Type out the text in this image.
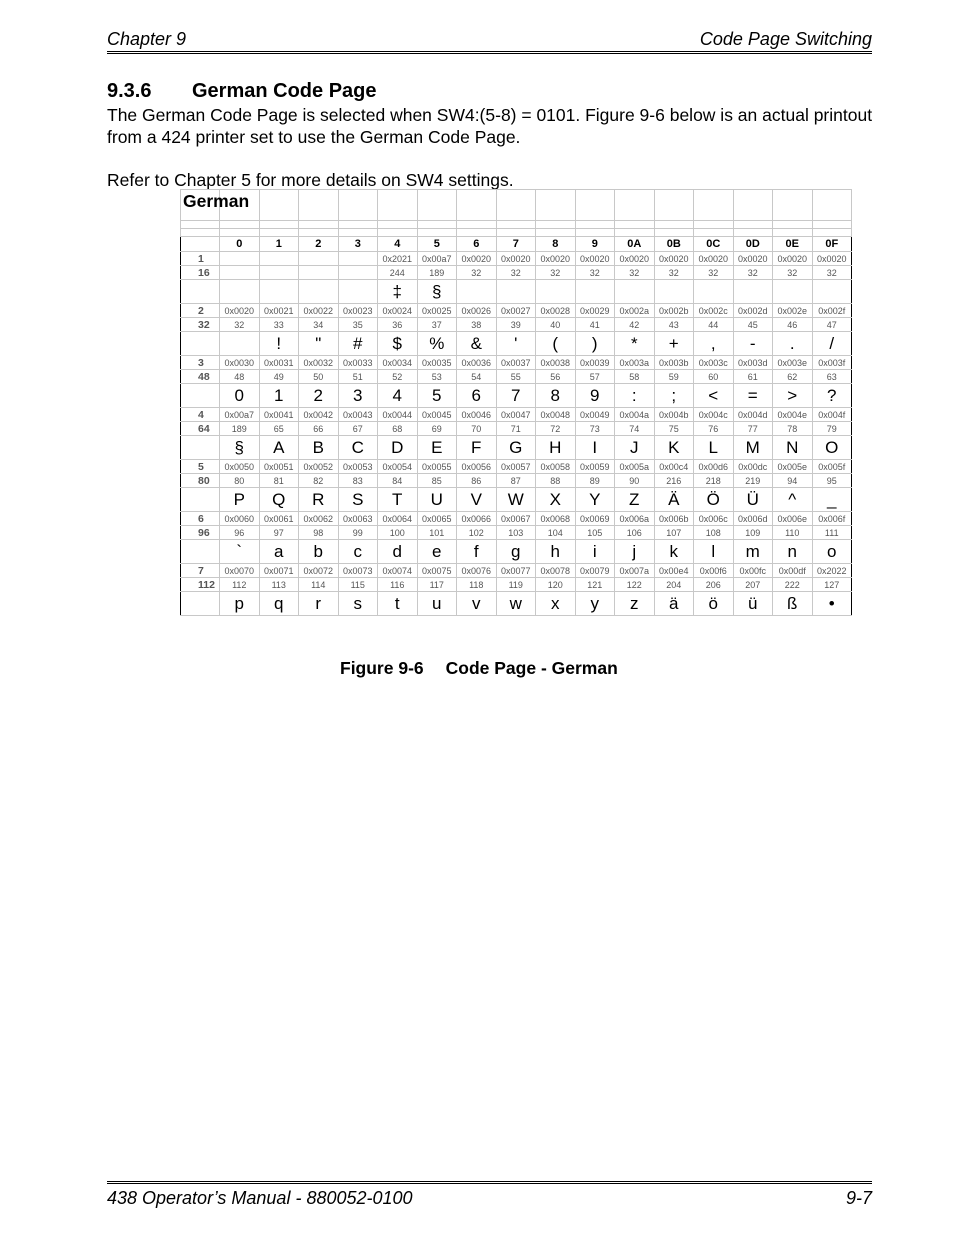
Chapter 9	Code Page Switching
9.3.6 German Code Page
The German Code Page is selected when SW4:(5-8) = 0101. Figure 9-6 below is an actual printout from a 424 printer set to use the German Code Page.
Refer to Chapter 5 for more details on SW4 settings.

	0	1	2	3	4	5	6	7	8	9	0A	0B	0C	0D	0E	0F

1					0x2021	0x00a7	0x0020	0x0020	0x0020	0x0020	0x0020	0x0020	0x0020	0x0020	0x0020	0x0020

16					244	189	32	32	32	32	32	32	32	32	32	32
					‡	§										

2	0x0020	0x0021	0x0022	0x0023	0x0024	0x0025	0x0026	0x0027	0x0028	0x0029	0x002a	0x002b	0x002c	0x002d	0x002e	0x002f

32	32	33	34	35	36	37	38	39	40	41	42	43	44	45	46	47
		!	"	#	$	%	&	'	(	)	*	+	,	-	.	/

3	0x0030	0x0031	0x0032	0x0033	0x0034	0x0035	0x0036	0x0037	0x0038	0x0039	0x003a	0x003b	0x003c	0x003d	0x003e	0x003f

48	48	49	50	51	52	53	54	55	56	57	58	59	60	61	62	63
	0	1	2	3	4	5	6	7	8	9	:	;	<	=	>	?

4	0x00a7	0x0041	0x0042	0x0043	0x0044	0x0045	0x0046	0x0047	0x0048	0x0049	0x004a	0x004b	0x004c	0x004d	0x004e	0x004f

64	189	65	66	67	68	69	70	71	72	73	74	75	76	77	78	79
	§	A	B	C	D	E	F	G	H	I	J	K	L	M	N	O

5	0x0050	0x0051	0x0052	0x0053	0x0054	0x0055	0x0056	0x0057	0x0058	0x0059	0x005a	0x00c4	0x00d6	0x00dc	0x005e	0x005f

80	80	81	82	83	84	85	86	87	88	89	90	216	218	219	94	95
	P	Q	R	S	T	U	V	W	X	Y	Z	Ä	Ö	Ü	^	_

6	0x0060	0x0061	0x0062	0x0063	0x0064	0x0065	0x0066	0x0067	0x0068	0x0069	0x006a	0x006b	0x006c	0x006d	0x006e	0x006f

96	96	97	98	99	100	101	102	103	104	105	106	107	108	109	110	111
	`	a	b	c	d	e	f	g	h	i	j	k	l	m	n	o

7	0x0070	0x0071	0x0072	0x0073	0x0074	0x0075	0x0076	0x0077	0x0078	0x0079	0x007a	0x00e4	0x00f6	0x00fc	0x00df	0x2022

112	112	113	114	115	116	117	118	119	120	121	122	204	206	207	222	127
	p	q	r	s	t	u	v	w	x	y	z	ä	ö	ü	ß	•
German
Figure 9-6 Code Page - German
438 Operator’s Manual - 880052-0100	9-7
